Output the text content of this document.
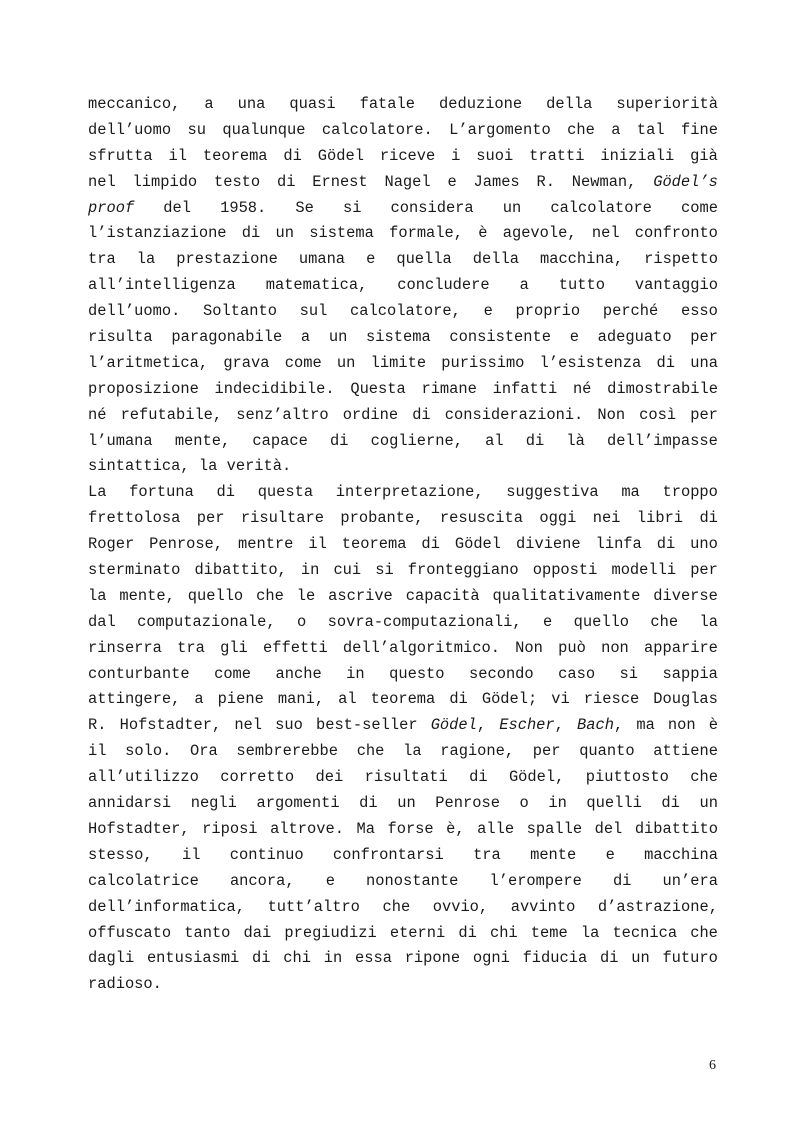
meccanico, a una quasi fatale deduzione della superiorità
dell’uomo su qualunque calcolatore. L’argomento che a tal fine
sfrutta il teorema di Gödel riceve i suoi tratti iniziali già
nel limpido testo di Ernest Nagel e James R. Newman, Gödel’s
proof del 1958. Se si considera un calcolatore come
l’istanziazione di un sistema formale, è agevole, nel confronto
tra la prestazione umana e quella della macchina, rispetto
all’intelligenza matematica, concludere a tutto vantaggio
dell’uomo. Soltanto sul calcolatore, e proprio perché esso
risulta paragonabile a un sistema consistente e adeguato per
l’aritmetica, grava come un limite purissimo l’esistenza di una
proposizione indecidibile. Questa rimane infatti né dimostrabile
né refutabile, senz’altro ordine di considerazioni. Non così per
l’umana mente, capace di coglierne, al di là dell’impasse
sintattica, la verità.
La fortuna di questa interpretazione, suggestiva ma troppo
frettolosa per risultare probante, resuscita oggi nei libri di
Roger Penrose, mentre il teorema di Gödel diviene linfa di uno
sterminato dibattito, in cui si fronteggiano opposti modelli per
la mente, quello che le ascrive capacità qualitativamente diverse
dal computazionale, o sovra-computazionali, e quello che la
rinserra tra gli effetti dell’algoritmico. Non può non apparire
conturbante come anche in questo secondo caso si sappia
attingere, a piene mani, al teorema di Gödel; vi riesce Douglas
R. Hofstadter, nel suo best-seller Gödel, Escher, Bach, ma non è
il solo. Ora sembrerebbe che la ragione, per quanto attiene
all’utilizzo corretto dei risultati di Gödel, piuttosto che
annidarsi negli argomenti di un Penrose o in quelli di un
Hofstadter, riposi altrove. Ma forse è, alle spalle del dibattito
stesso, il continuo confrontarsi tra mente e macchina
calcolatrice ancora, e nonostante l’erompere di un’era
dell’informatica, tutt’altro che ovvio, avvinto d’astrazione,
offuscato tanto dai pregiudizi eterni di chi teme la tecnica che
dagli entusiasmi di chi in essa ripone ogni fiducia di un futuro
radioso.
6
